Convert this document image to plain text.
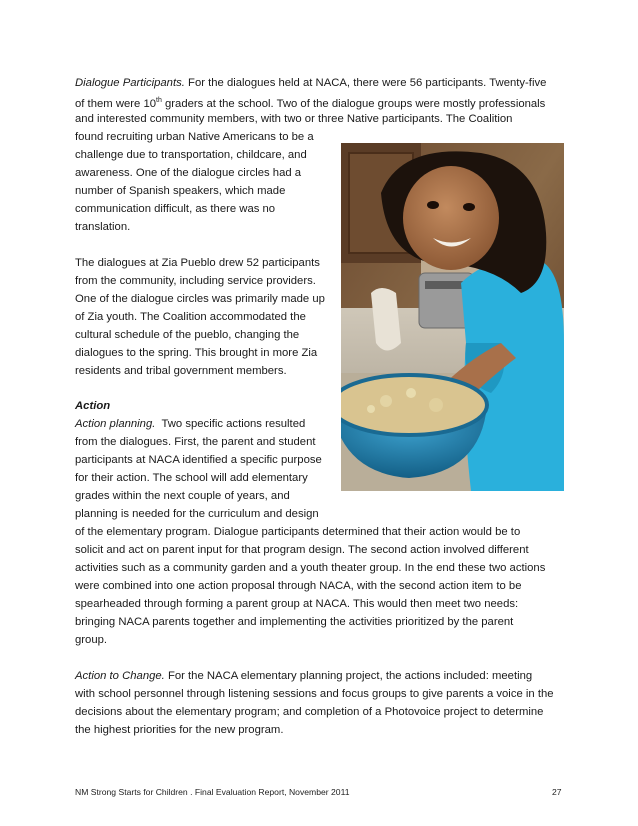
Dialogue Participants. For the dialogues held at NACA, there were 56 participants. Twenty-five
of them were 10th graders at the school. Two of the dialogue groups were mostly professionals
and interested community members, with two or three Native participants. The Coalition
found recruiting urban Native Americans to be a
challenge due to transportation, childcare, and
awareness. One of the dialogue circles had a
number of Spanish speakers, which made
communication difficult, as there was no
translation.
The dialogues at Zia Pueblo drew 52 participants
from the community, including service providers.
One of the dialogue circles was primarily made up
of Zia youth. The Coalition accommodated the
cultural schedule of the pueblo, changing the
dialogues to the spring. This brought in more Zia
residents and tribal government members.
Action
Action planning.  Two specific actions resulted
from the dialogues. First, the parent and student
participants at NACA identified a specific purpose
for their action. The school will add elementary
grades within the next couple of years, and
planning is needed for the curriculum and design
of the elementary program. Dialogue participants determined that their action would be to
solicit and act on parent input for that program design. The second action involved different
activities such as a community garden and a youth theater group. In the end these two actions
were combined into one action proposal through NACA, with the second action item to be
spearheaded through forming a parent group at NACA. This would then meet two needs:
bringing NACA parents together and implementing the activities prioritized by the parent
group.
Action to Change. For the NACA elementary planning project, the actions included: meeting
with school personnel through listening sessions and focus groups to give parents a voice in the
decisions about the elementary program; and completion of a Photovoice project to determine
the highest priorities for the new program.
NM Strong Starts for Children . Final Evaluation Report, November 2011	27
